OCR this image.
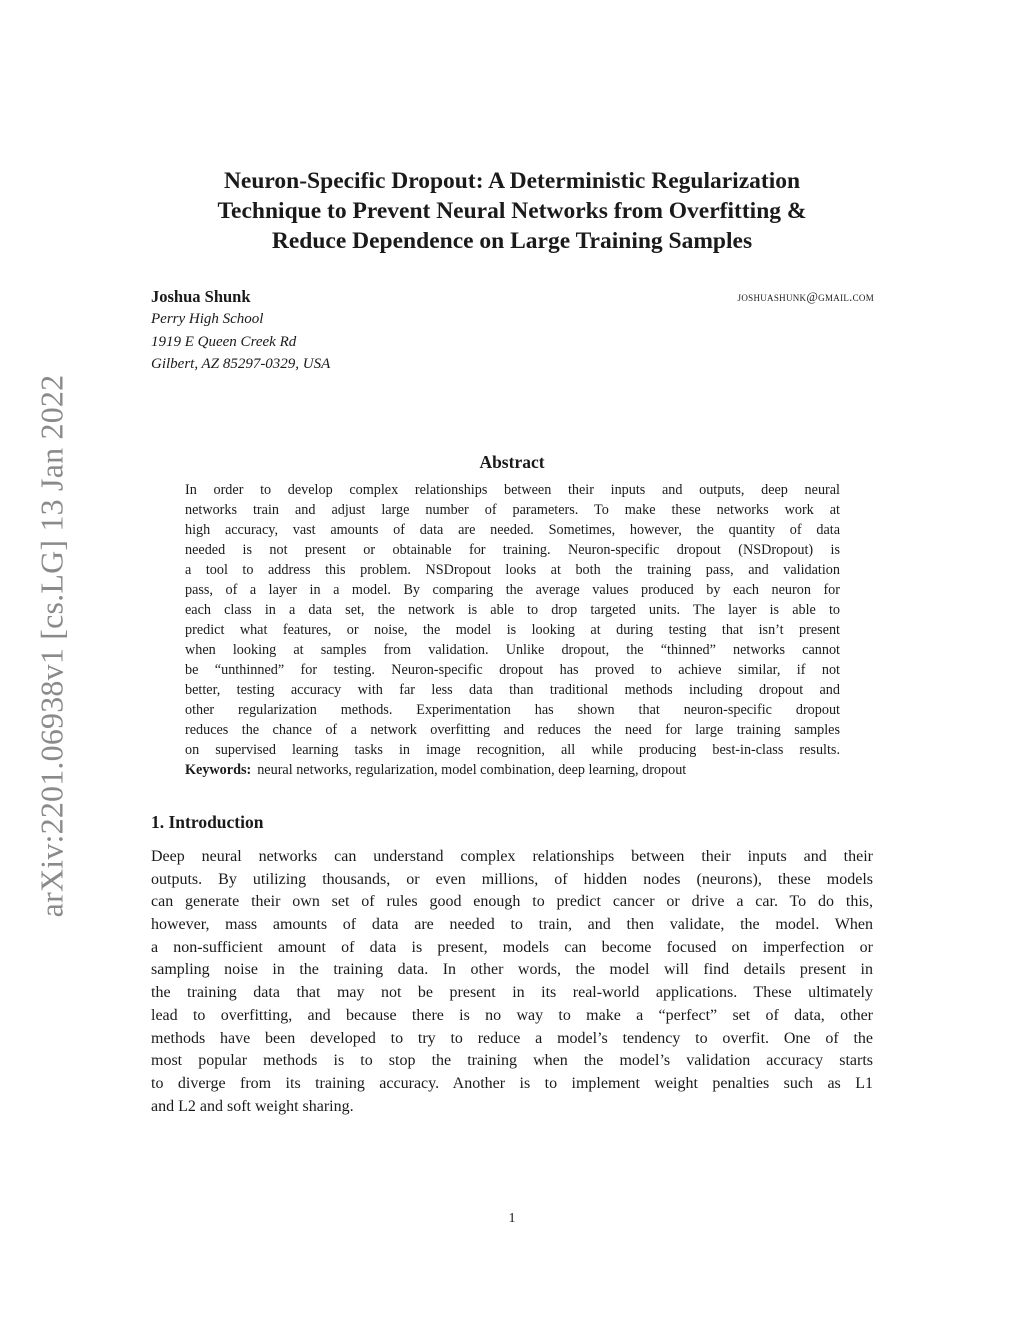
arXiv:2201.06938v1 [cs.LG] 13 Jan 2022
Neuron-Specific Dropout: A Deterministic Regularization
Technique to Prevent Neural Networks from Overfitting &
Reduce Dependence on Large Training Samples
Joshua Shunk
Perry High School
1919 E Queen Creek Rd
Gilbert, AZ 85297-0329, USA
joshuashunk@gmail.com
Abstract
In order to develop complex relationships between their inputs and outputs, deep neural
networks train and adjust large number of parameters. To make these networks work at
high accuracy, vast amounts of data are needed. Sometimes, however, the quantity of data
needed is not present or obtainable for training. Neuron-specific dropout (NSDropout) is
a tool to address this problem. NSDropout looks at both the training pass, and validation
pass, of a layer in a model. By comparing the average values produced by each neuron for
each class in a data set, the network is able to drop targeted units. The layer is able to
predict what features, or noise, the model is looking at during testing that isn’t present
when looking at samples from validation. Unlike dropout, the “thinned” networks cannot
be “unthinned” for testing. Neuron-specific dropout has proved to achieve similar, if not
better, testing accuracy with far less data than traditional methods including dropout and
other regularization methods. Experimentation has shown that neuron-specific dropout
reduces the chance of a network overfitting and reduces the need for large training samples
on supervised learning tasks in image recognition, all while producing best-in-class results.
Keywords: neural networks, regularization, model combination, deep learning, dropout
1. Introduction
Deep neural networks can understand complex relationships between their inputs and their
outputs. By utilizing thousands, or even millions, of hidden nodes (neurons), these models
can generate their own set of rules good enough to predict cancer or drive a car. To do this,
however, mass amounts of data are needed to train, and then validate, the model. When
a non-sufficient amount of data is present, models can become focused on imperfection or
sampling noise in the training data. In other words, the model will find details present in
the training data that may not be present in its real-world applications. These ultimately
lead to overfitting, and because there is no way to make a “perfect” set of data, other
methods have been developed to try to reduce a model’s tendency to overfit. One of the
most popular methods is to stop the training when the model’s validation accuracy starts
to diverge from its training accuracy. Another is to implement weight penalties such as L1
and L2 and soft weight sharing.
1
